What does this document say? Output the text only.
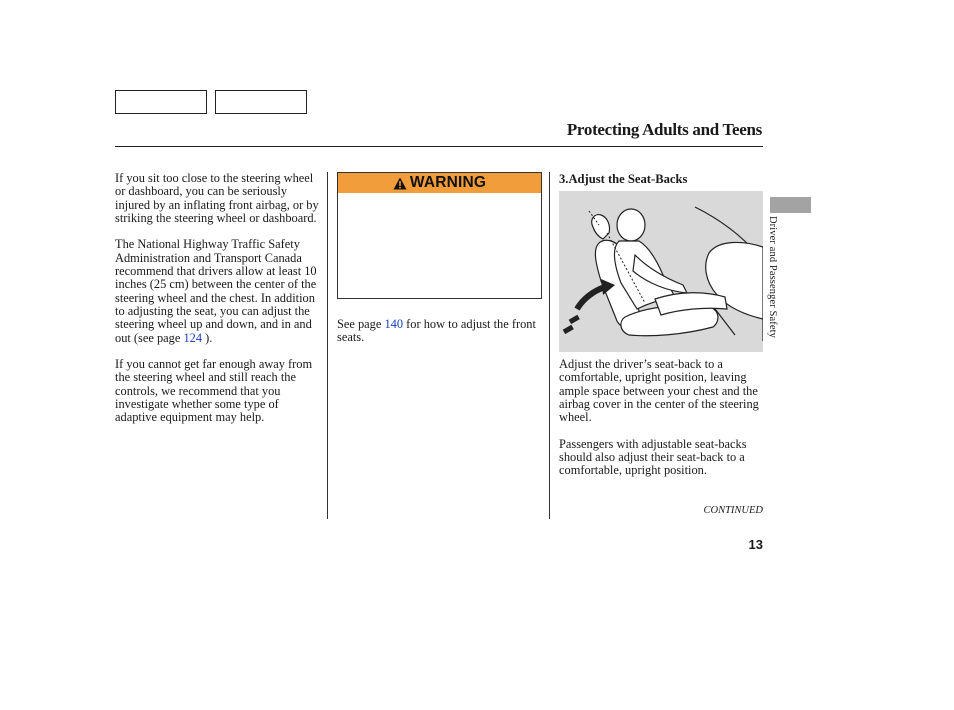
Protecting Adults and Teens

If you sit too close to the steering wheel or dashboard, you can be seriously injured by an inflating front airbag, or by striking the steering wheel or dashboard.

The National Highway Traffic Safety Administration and Transport Canada recommend that drivers allow at least 10 inches (25 cm) between the center of the steering wheel and the chest. In addition to adjusting the seat, you can adjust the steering wheel up and down, and in and out (see page 124 ).

If you cannot get far enough away from the steering wheel and still reach the controls, we recommend that you investigate whether some type of adaptive equipment may help.

WARNING

See page 140 for how to adjust the front seats.

3.Adjust the Seat-Backs

Adjust the driver’s seat-back to a comfortable, upright position, leaving ample space between your chest and the airbag cover in the center of the steering wheel.

Passengers with adjustable seat-backs should also adjust their seat-back to a comfortable, upright position.

CONTINUED
13
Driver and Passenger Safety
